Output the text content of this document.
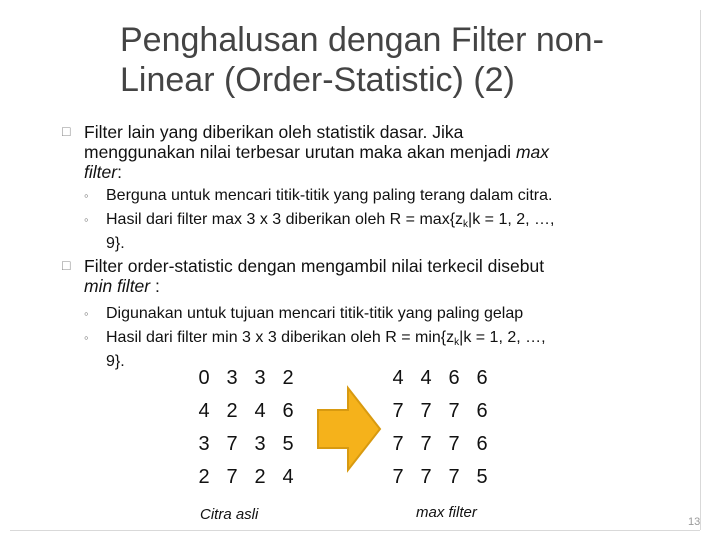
Penghalusan dengan Filter non-Linear (Order-Statistic) (2)
□ Filter lain yang diberikan oleh statistik dasar. Jika
menggunakan nilai terbesar urutan maka akan menjadi max
filter:
◦ Berguna untuk mencari titik-titik yang paling terang dalam citra.
◦ Hasil dari filter max 3 x 3 diberikan oleh $R = \max\{z_k|k = 1$, 2, …,
9}.
□ Filter order-statistic dengan mengambil nilai terkecil disebut
min filter :
◦ Digunakan untuk tujuan mencari titik-titik yang paling gelap
◦ Hasil dari filter min 3 x 3 diberikan oleh $R = \min\{z_k|k = 1$, 2, …,
9}.
0 3 3 2
4 2 4 6
3 7 3 5
2 7 2 4
Citra asli
4 4 6 6
7 7 7 6
7 7 7 6
7 7 7 5
max filter
13
